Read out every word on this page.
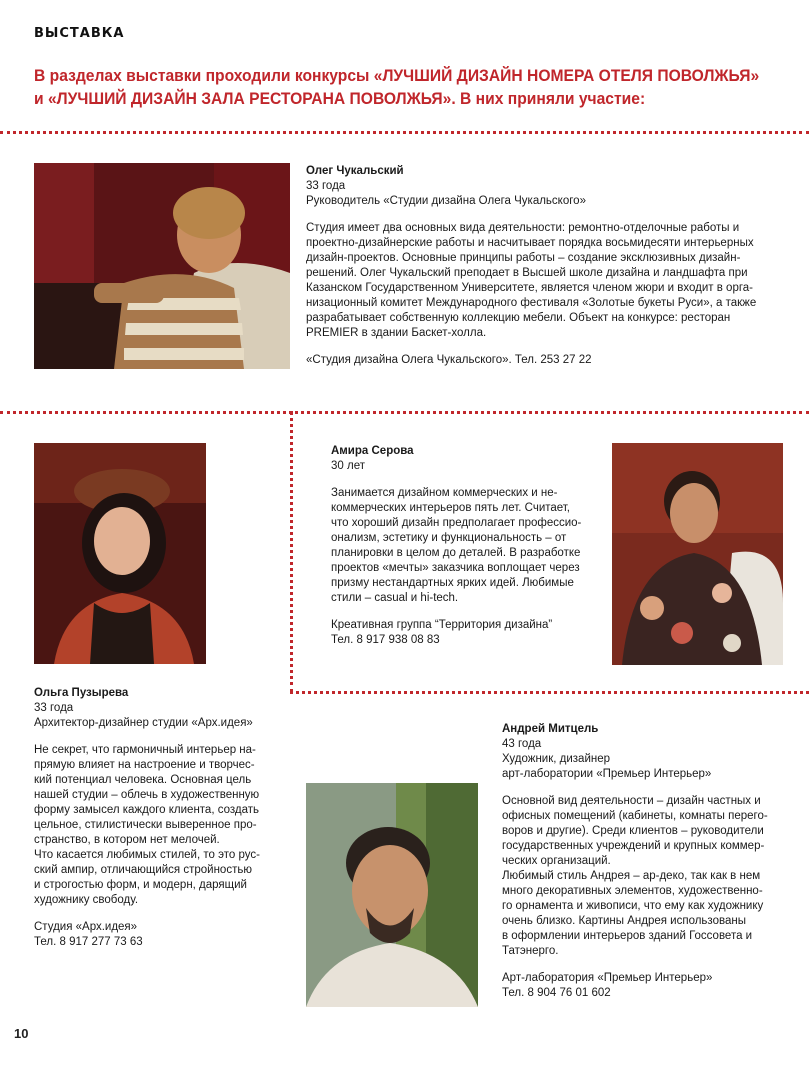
ВЫСТАВКА
В разделах выставки проходили конкурсы «ЛУЧШИЙ ДИЗАЙН НОМЕРА ОТЕЛЯ ПОВОЛЖЬЯ»
и «ЛУЧШИЙ ДИЗАЙН ЗАЛА РЕСТОРАНА ПОВОЛЖЬЯ». В них приняли участие:
Олег Чукальский
33 года
Руководитель «Студии дизайна Олега Чукальского»
Студия имеет два основных вида деятельности: ремонтно-отделочные работы и
проектно-дизайнерские работы и насчитывает порядка восьмидесяти интерьерных
дизайн-проектов. Основные принципы работы – создание эксклюзивных дизайн-
решений. Олег Чукальский преподает в Высшей школе дизайна и ландшафта при
Казанском Государственном Университете, является членом жюри и входит в орга-
низационный комитет Международного фестиваля «Золотые букеты Руси», а также
разрабатывает собственную коллекцию мебели. Объект на конкурсе: ресторан
PREMIER в здании Баскет-холла.
«Студия дизайна Олега Чукальского». Тел. 253 27 22
Амира Серова
30 лет
Занимается дизайном коммерческих и не-
коммерческих интерьеров пять лет. Считает,
что хороший дизайн предполагает профессио-
онализм, эстетику и функциональность – от
планировки в целом до деталей. В разработке
проектов «мечты» заказчика воплощает через
призму нестандартных ярких идей. Любимые
стили – casual и hi-tech.
Креативная группа “Территория дизайна”
Тел. 8 917 938 08 83
Ольга Пузырева
33 года
Архитектор-дизайнер студии «Арх.идея»
Не секрет, что гармоничный интерьер на-
прямую влияет на настроение и творчес-
кий потенциал человека. Основная цель
нашей студии – облечь в художественную
форму замысел каждого клиента, создать
цельное, стилистически выверенное про-
странство, в котором нет мелочей.
Что касается любимых стилей, то это рус-
ский ампир, отличающийся стройностью
и строгостью форм, и модерн, дарящий
художнику свободу.
Студия «Арх.идея»
Тел. 8 917 277 73 63
Андрей Митцель
43 года
Художник, дизайнер
арт-лаборатории «Премьер Интерьер»
Основной вид деятельности – дизайн частных и
офисных помещений (кабинеты, комнаты перего-
воров и другие). Среди клиентов – руководители
государственных учреждений и крупных коммер-
ческих организаций.
Любимый стиль Андрея – ар-деко, так как в нем
много декоративных элементов, художественно-
го орнамента и живописи, что ему как художнику
очень близко. Картины Андрея использованы
в оформлении интерьеров зданий Госсовета и
Татэнерго.
Арт-лаборатория «Премьер Интерьер»
Тел. 8 904 76 01 602
10
